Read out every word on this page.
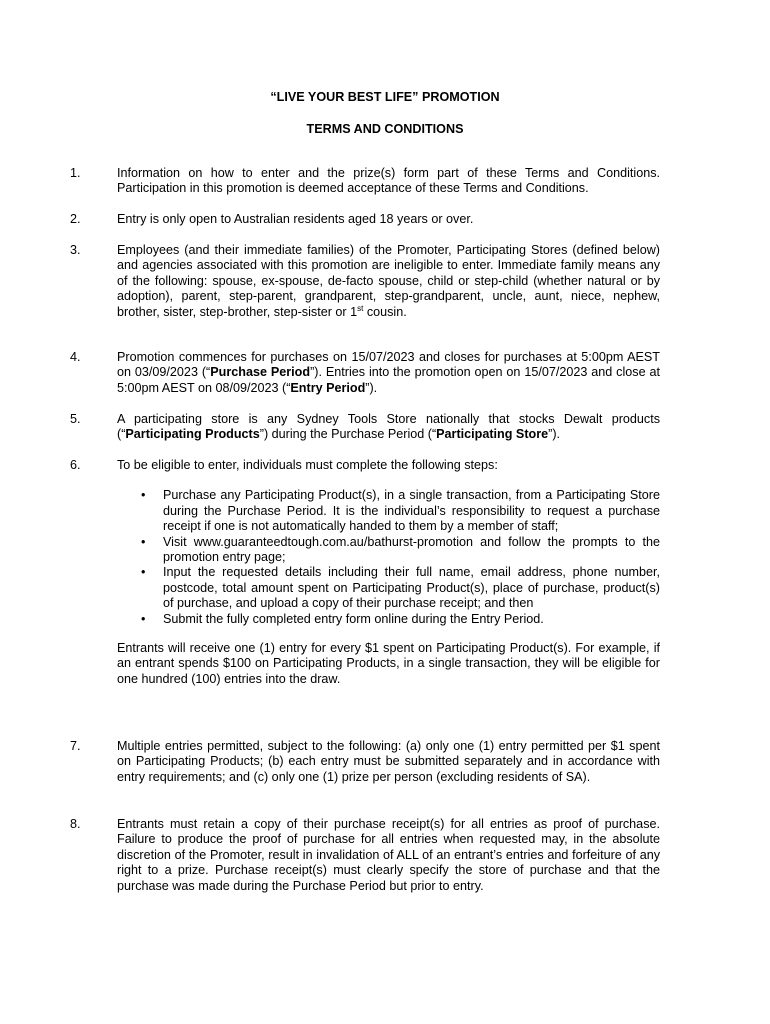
“LIVE YOUR BEST LIFE” PROMOTION
TERMS AND CONDITIONS
1.	Information on how to enter and the prize(s) form part of these Terms and Conditions. Participation in this promotion is deemed acceptance of these Terms and Conditions.
2.	Entry is only open to Australian residents aged 18 years or over.
3.	Employees (and their immediate families) of the Promoter, Participating Stores (defined below) and agencies associated with this promotion are ineligible to enter. Immediate family means any of the following: spouse, ex-spouse, de-facto spouse, child or step-child (whether natural or by adoption), parent, step-parent, grandparent, step-grandparent, uncle, aunt, niece, nephew, brother, sister, step-brother, step-sister or 1st cousin.
4.	Promotion commences for purchases on 15/07/2023 and closes for purchases at 5:00pm AEST on 03/09/2023 (“Purchase Period”). Entries into the promotion open on 15/07/2023 and close at 5:00pm AEST on 08/09/2023 (“Entry Period”).
5.	A participating store is any Sydney Tools Store nationally that stocks Dewalt products (“Participating Products”) during the Purchase Period (“Participating Store”).
6.	To be eligible to enter, individuals must complete the following steps:
• Purchase any Participating Product(s), in a single transaction, from a Participating Store during the Purchase Period. It is the individual’s responsibility to request a purchase receipt if one is not automatically handed to them by a member of staff;
• Visit www.guaranteedtough.com.au/bathurst-promotion and follow the prompts to the promotion entry page;
• Input the requested details including their full name, email address, phone number, postcode, total amount spent on Participating Product(s), place of purchase, product(s) of purchase, and upload a copy of their purchase receipt; and then
• Submit the fully completed entry form online during the Entry Period.
Entrants will receive one (1) entry for every $1 spent on Participating Product(s). For example, if an entrant spends $100 on Participating Products, in a single transaction, they will be eligible for one hundred (100) entries into the draw.
7.	Multiple entries permitted, subject to the following: (a) only one (1) entry permitted per $1 spent on Participating Products; (b) each entry must be submitted separately and in accordance with entry requirements; and (c) only one (1) prize per person (excluding residents of SA).
8.	Entrants must retain a copy of their purchase receipt(s) for all entries as proof of purchase. Failure to produce the proof of purchase for all entries when requested may, in the absolute discretion of the Promoter, result in invalidation of ALL of an entrant’s entries and forfeiture of any right to a prize. Purchase receipt(s) must clearly specify the store of purchase and that the purchase was made during the Purchase Period but prior to entry.
